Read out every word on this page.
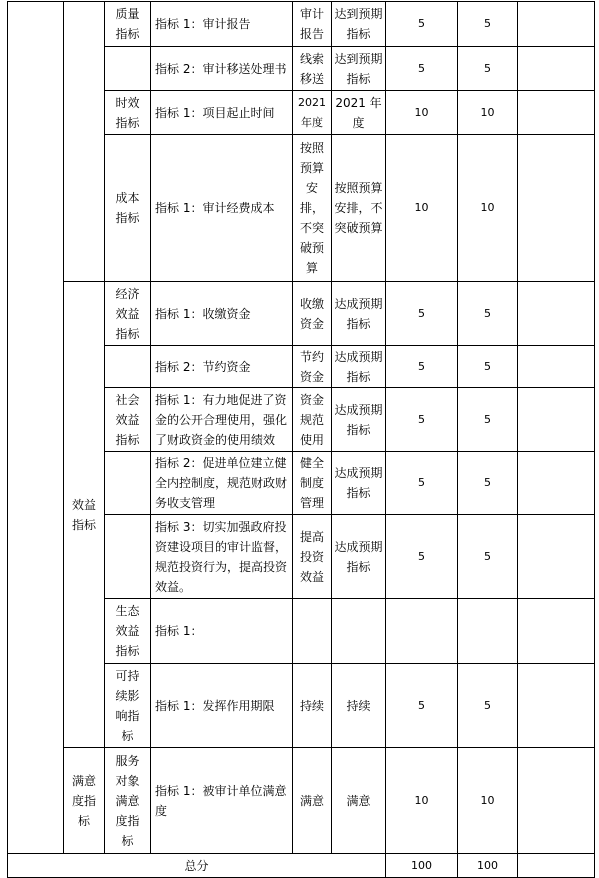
		质量指标	指标 1：审计报告	审计报告	达到预期指标	5	5	
			指标 2：审计移送处理书	线索移送	达到预期指标	5	5	
		时效指标	指标 1：项目起止时间	2021年度	2021 年度	10	10	
		成本指标	指标 1：审计经费成本	按照预算安排，不突破预算	按照预算安排，不突破预算	10	10	
	效益指标	经济效益指标	指标 1：收缴资金	收缴资金	达成预期指标	5	5	
			指标 2：节约资金	节约资金	达成预期指标	5	5	
		社会效益指标	指标 1：有力地促进了资金的公开合理使用，强化了财政资金的使用绩效	资金规范使用	达成预期指标	5	5	
			指标 2：促进单位建立健全内控制度，规范财政财务收支管理	健全制度管理	达成预期指标	5	5	
			指标 3：切实加强政府投资建设项目的审计监督，规范投资行为，提高投资效益。	提高投资效益	达成预期指标	5	5	
		生态效益指标	指标 1：					
		可持续影响指标	指标 1：发挥作用期限	持续	持续	5	5	
	满意度指标	服务对象满意度指标	指标 1：被审计单位满意度	满意	满意	10	10	
总分						100	100	
